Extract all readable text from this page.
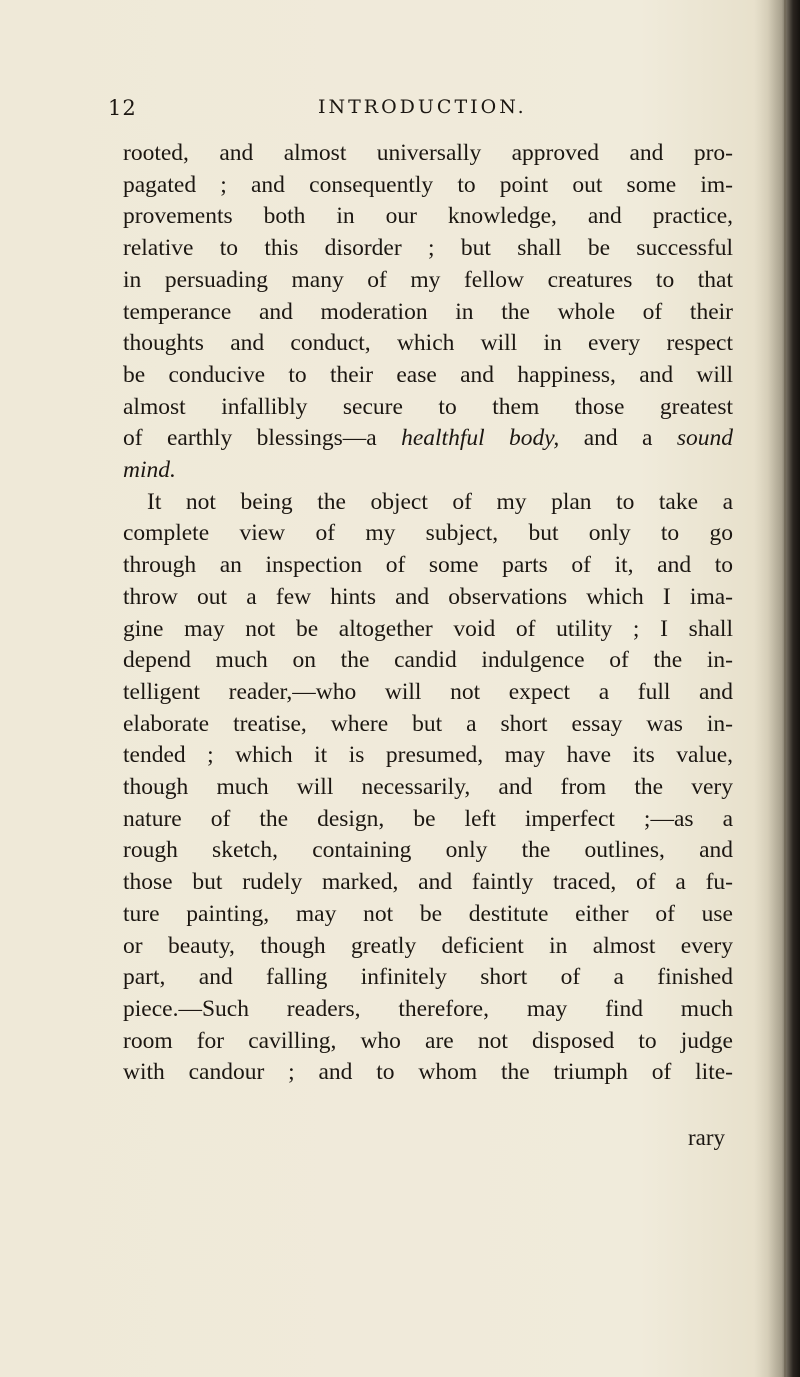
12	INTRODUCTION.
rooted, and almost universally approved and pro-
pagated ; and consequently to point out some im-
provements both in our knowledge, and practice,
relative to this disorder ; but shall be successful
in persuading many of my fellow creatures to that
temperance and moderation in the whole of their
thoughts and conduct, which will in every respect
be conducive to their ease and happiness, and will
almost infallibly secure to them those greatest
of earthly blessings—a healthful body, and a sound
mind.
It not being the object of my plan to take a
complete view of my subject, but only to go
through an inspection of some parts of it, and to
throw out a few hints and observations which I ima-
gine may not be altogether void of utility ; I shall
depend much on the candid indulgence of the in-
telligent reader,—who will not expect a full and
elaborate treatise, where but a short essay was in-
tended ; which it is presumed, may have its value,
though much will necessarily, and from the very
nature of the design, be left imperfect ;—as a
rough sketch, containing only the outlines, and
those but rudely marked, and faintly traced, of a fu-
ture painting, may not be destitute either of use
or beauty, though greatly deficient in almost every
part, and falling infinitely short of a finished
piece.—Such readers, therefore, may find much
room for cavilling, who are not disposed to judge
with candour ; and to whom the triumph of lite-
rary
